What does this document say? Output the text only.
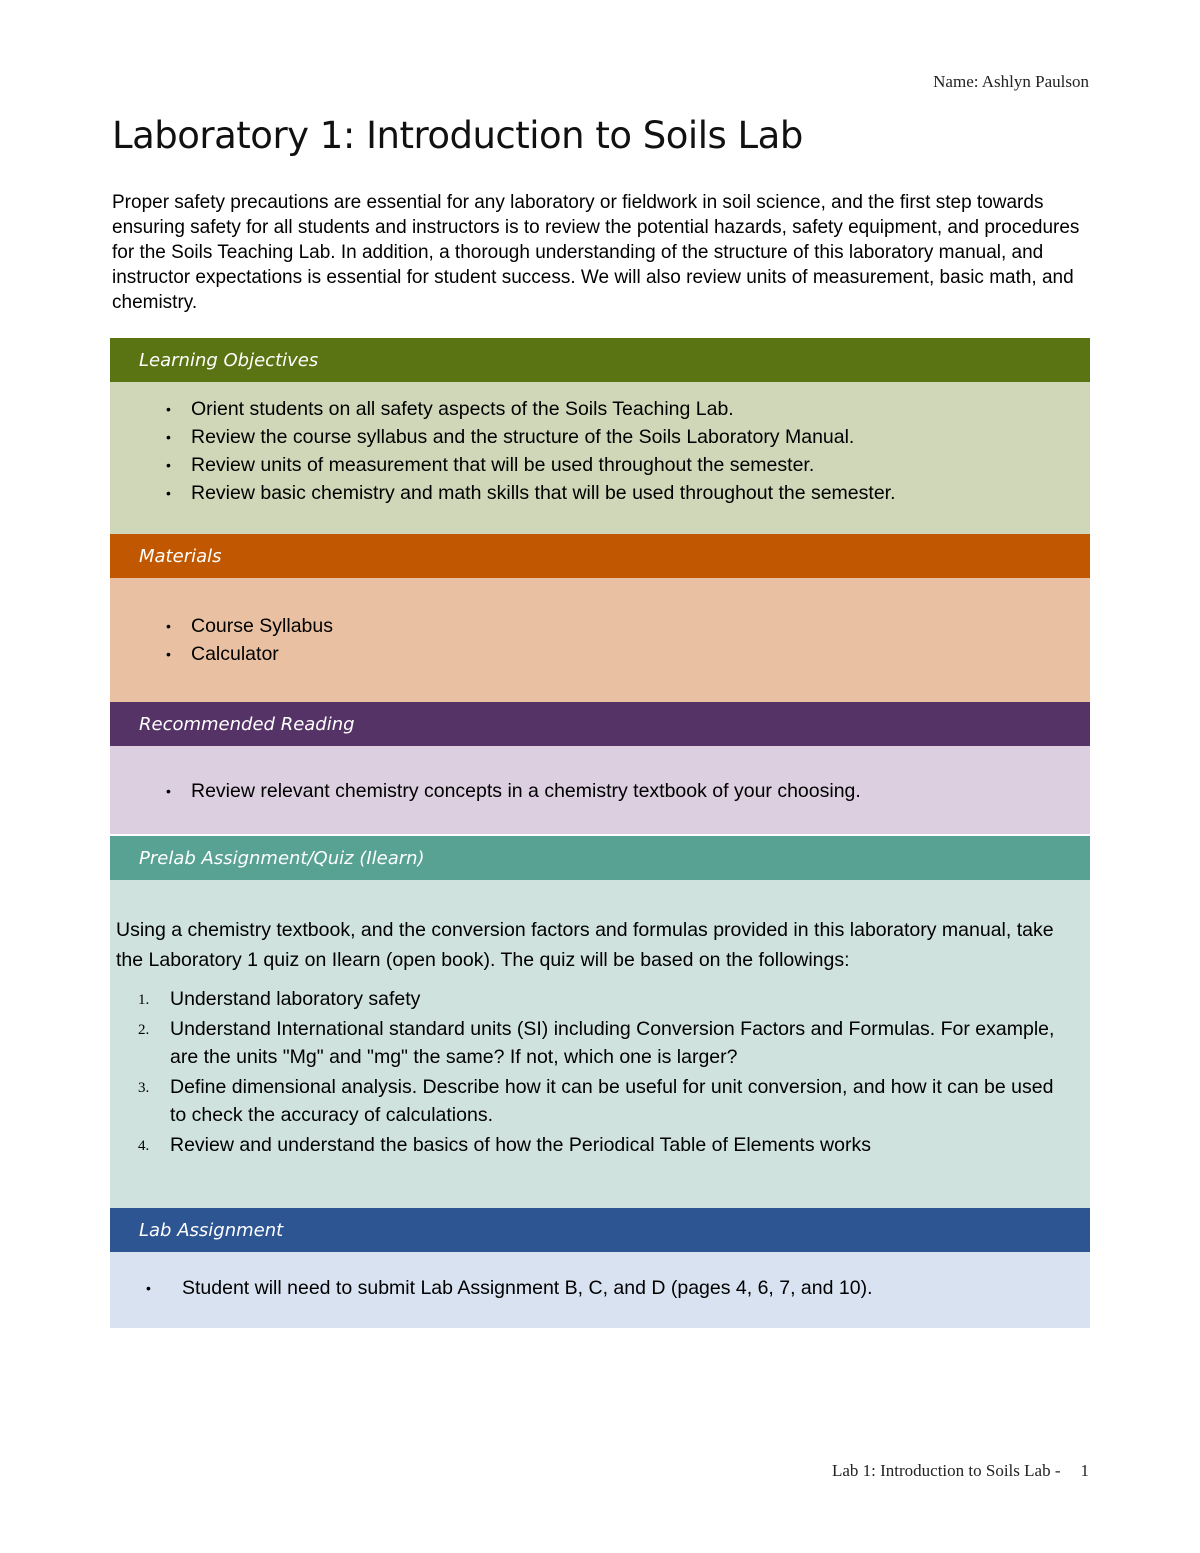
Name: Ashlyn Paulson
Laboratory 1: Introduction to Soils Lab

Proper safety precautions are essential for any laboratory or fieldwork in soil science, and the first step towards ensuring safety for all students and instructors is to review the potential hazards, safety equipment, and procedures for the Soils Teaching Lab. In addition, a thorough understanding of the structure of this laboratory manual, and instructor expectations is essential for student success. We will also review units of measurement, basic math, and chemistry.

Learning Objectives
• Orient students on all safety aspects of the Soils Teaching Lab.
• Review the course syllabus and the structure of the Soils Laboratory Manual.
• Review units of measurement that will be used throughout the semester.
• Review basic chemistry and math skills that will be used throughout the semester.
Materials
• Course Syllabus
• Calculator
Recommended Reading
• Review relevant chemistry concepts in a chemistry textbook of your choosing.
Prelab Assignment/Quiz (Ilearn)

Using a chemistry textbook, and the conversion factors and formulas provided in this laboratory manual, take the Laboratory 1 quiz on Ilearn (open book). The quiz will be based on the followings:

1. Understand laboratory safety
2. Understand International standard units (SI) including Conversion Factors and Formulas. For example, are the units "Mg" and "mg" the same? If not, which one is larger?
3. Define dimensional analysis. Describe how it can be useful for unit conversion, and how it can be used to check the accuracy of calculations.
4. Review and understand the basics of how the Periodical Table of Elements works
Lab Assignment
• Student will need to submit Lab Assignment B, C, and D (pages 4, 6, 7, and 10).
Lab 1: Introduction to Soils Lab - 1
